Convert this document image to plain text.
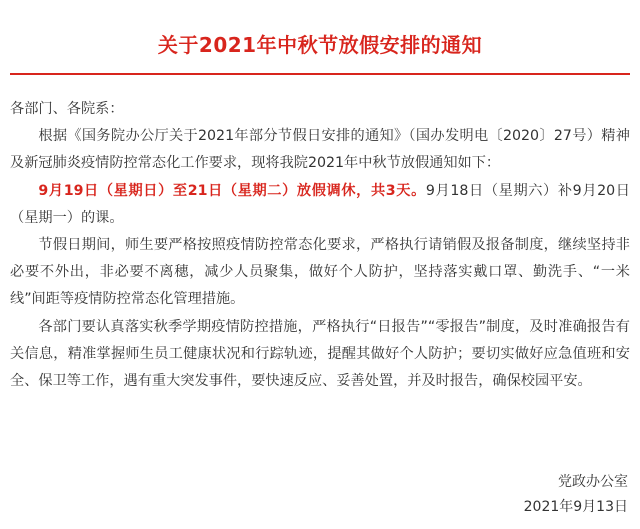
关于2021年中秋节放假安排的通知

各部门、各院系：

根据《国务院办公厅关于2021年部分节假日安排的通知》（国办发明电〔2020〕27号）精神及新冠肺炎疫情防控常态化工作要求，现将我院2021年中秋节放假通知如下：

9月19日（星期日）至21日（星期二）放假调休，共3天。9月18日（星期六）补9月20日（星期一）的课。

节假日期间，师生要严格按照疫情防控常态化要求，严格执行请销假及报备制度，继续坚持非必要不外出，非必要不离穗，减少人员聚集，做好个人防护，坚持落实戴口罩、勤洗手、“一米线”间距等疫情防控常态化管理措施。

各部门要认真落实秋季学期疫情防控措施，严格执行“日报告”“零报告”制度，及时准确报告有关信息，精准掌握师生员工健康状况和行踪轨迹，提醒其做好个人防护；要切实做好应急值班和安全、保卫等工作，遇有重大突发事件，要快速反应、妥善处置，并及时报告，确保校园平安。

党政办公室
2021年9月13日
